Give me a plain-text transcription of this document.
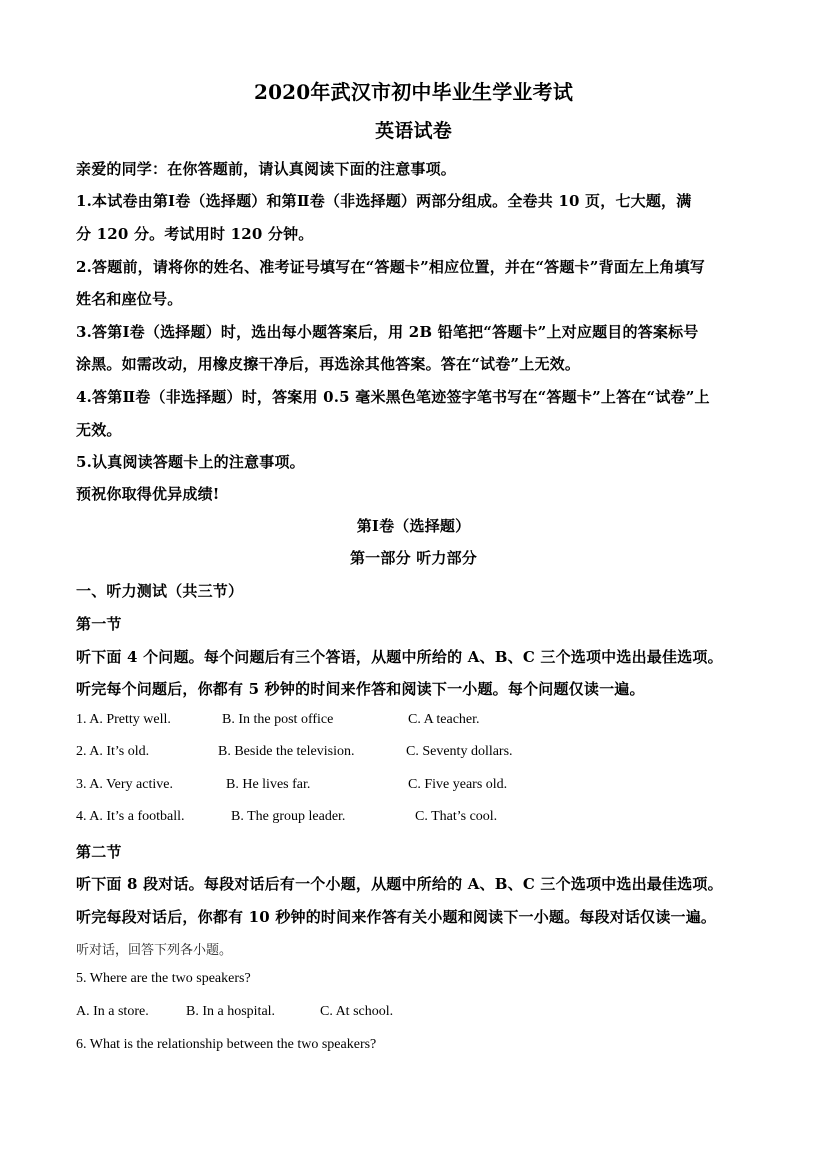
2020年武汉市初中毕业生学业考试
英语试卷
亲爱的同学：在你答题前，请认真阅读下面的注意事项。
1.本试卷由第Ⅰ卷（选择题）和第Ⅱ卷（非选择题）两部分组成。全卷共 10 页，七大题，满
分 120 分。考试用时 120 分钟。
2.答题前，请将你的姓名、准考证号填写在“答题卡”相应位置，并在“答题卡”背面左上角填写
姓名和座位号。
3.答第Ⅰ卷（选择题）时，选出每小题答案后，用 2B 铅笔把“答题卡”上对应题目的答案标号
涂黑。如需改动，用橡皮擦干净后，再选涂其他答案。答在“试卷”上无效。
4.答第Ⅱ卷（非选择题）时，答案用 0.5 毫米黑色笔迹签字笔书写在“答题卡”上答在“试卷”上
无效。
5.认真阅读答题卡上的注意事项。
预祝你取得优异成绩!
第Ⅰ卷（选择题）
第一部分 听力部分
一、听力测试（共三节）
第一节
听下面 4 个问题。每个问题后有三个答语，从题中所给的 A、B、C 三个选项中选出最佳选项。
听完每个问题后，你都有 5 秒钟的时间来作答和阅读下一小题。每个问题仅读一遍。
1. A. Pretty well.	B. In the post office	C. A teacher.
2. A. It’s old.	B. Beside the television.	C. Seventy dollars.
3. A. Very active.	B. He lives far.	C. Five years old.
4. A. It’s a football.	B. The group leader.	C. That’s cool.
第二节
听下面 8 段对话。每段对话后有一个小题，从题中所给的 A、B、C 三个选项中选出最佳选项。
听完每段对话后，你都有 10 秒钟的时间来作答有关小题和阅读下一小题。每段对话仅读一遍。
听对话，回答下列各小题。
5. Where are the two speakers?
A. In a store.	B. In a hospital.	C. At school.
6. What is the relationship between the two speakers?
